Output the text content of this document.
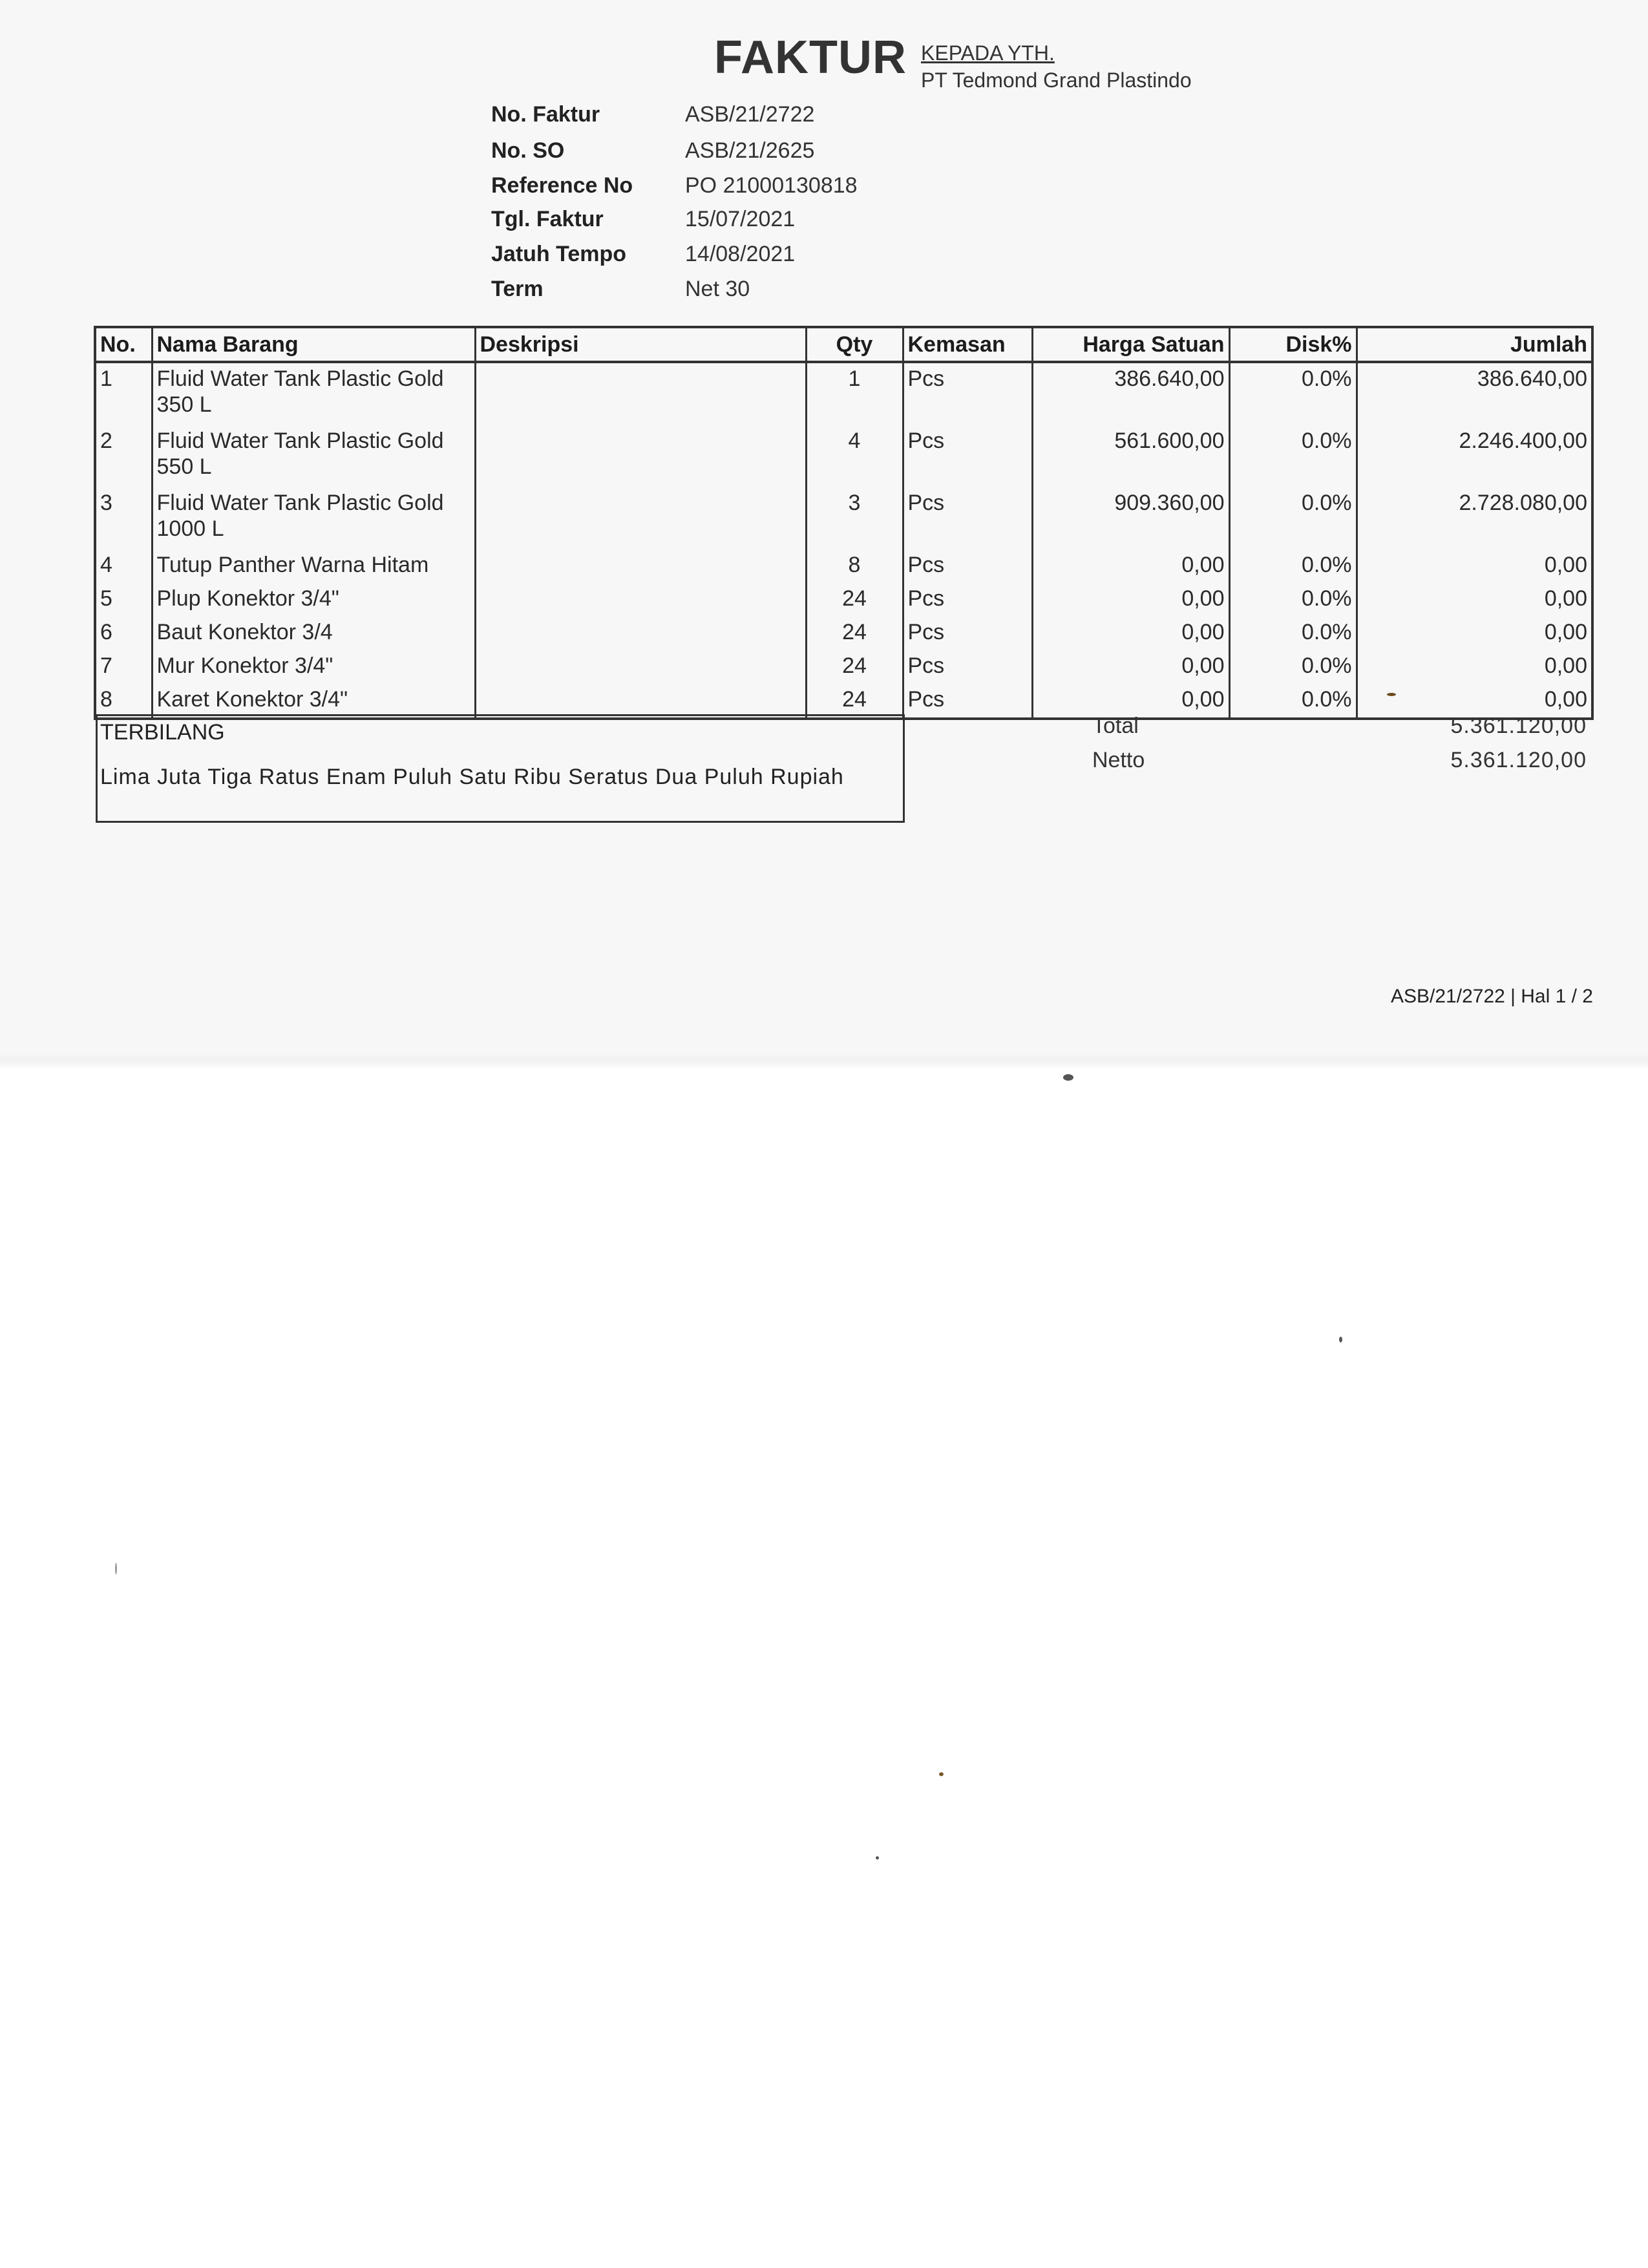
FAKTUR KEPADA YTH.
PT Tedmond Grand Plastindo
No. Faktur	ASB/21/2722
No. SO	ASB/21/2625
Reference No	PO 21000130818
Tgl. Faktur	15/07/2021
Jatuh Tempo	14/08/2021
Term	Net 30
No.	Nama Barang	Deskripsi	Qty	Kemasan	Harga Satuan	Disk%	Jumlah
1	Fluid Water Tank Plastic Gold 350 L		1	Pcs	386.640,00	0.0%	386.640,00
2	Fluid Water Tank Plastic Gold 550 L		4	Pcs	561.600,00	0.0%	2.246.400,00
3	Fluid Water Tank Plastic Gold 1000 L		3	Pcs	909.360,00	0.0%	2.728.080,00
4	Tutup Panther Warna Hitam		8	Pcs	0,00	0.0%	0,00
5	Plup Konektor 3/4"		24	Pcs	0,00	0.0%	0,00
6	Baut Konektor 3/4		24	Pcs	0,00	0.0%	0,00
7	Mur Konektor 3/4"		24	Pcs	0,00	0.0%	0,00
8	Karet Konektor 3/4"		24	Pcs	0,00	0.0%	0,00
TERBILANG
Lima Juta Tiga Ratus Enam Puluh Satu Ribu Seratus Dua Puluh Rupiah
Total	5.361.120,00
Netto	5.361.120,00
ASB/21/2722 | Hal 1 / 2
